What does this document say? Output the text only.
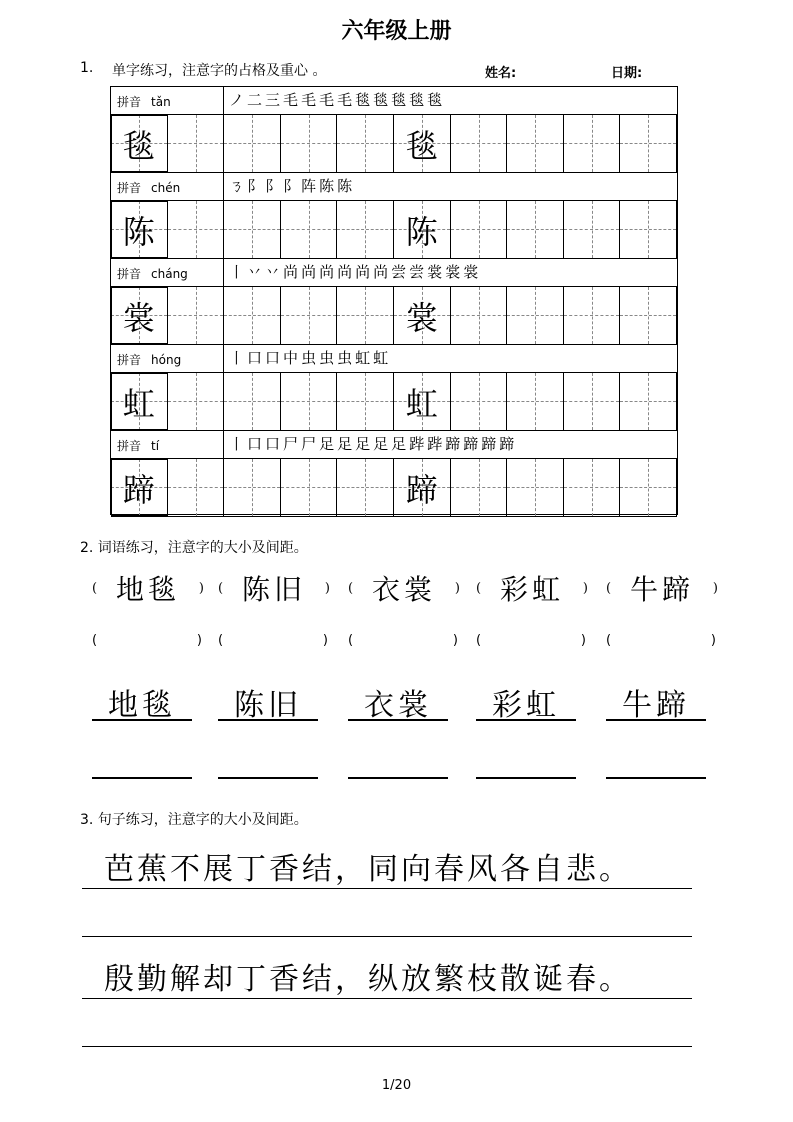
六年级上册
1. 单字练习，注意字的占格及重心 。	姓名:	日期:
拼音 tǎn	ノ 二 三 毛 毛 毛 毛 毯 毯 毯 毯 毯
毯	毯
拼音 chén	ㄋ 阝 阝 阝 阵 陈 陈
陈	陈
拼音 cháng	丨 丷 丷 尚 尚 尚 尚 尚 尚 尝 尝 裳 裳 裳
裳	裳
拼音 hóng	丨 口 口 中 虫 虫 虫 虹 虹
虹	虹
拼音 tí	丨 口 口 尸 尸 足 足 足 足 足 跸 跸 蹄 蹄 蹄 蹄
蹄	蹄
2. 词语练习，注意字的大小及间距。
( 地毯 )
(	)
地毯
( 陈旧 )
(	)
陈旧
( 衣裳 )
(	)
衣裳
( 彩虹 )
(	)
彩虹
( 牛蹄 )
(	)
牛蹄
3. 句子练习，注意字的大小及间距。
芭蕉不展丁香结，同向春风各自悲。
殷勤解却丁香结，纵放繁枝散诞春。
1/20
